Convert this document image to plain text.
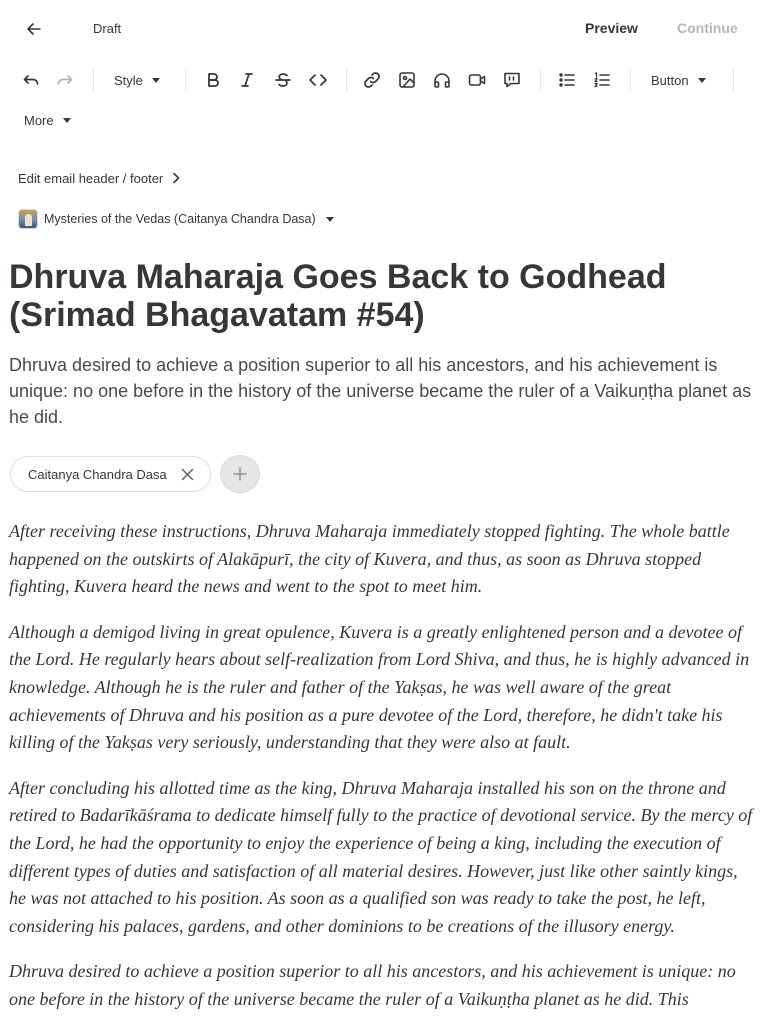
Draft	Preview	Continue
Style	Button
More
Edit email header / footer
Mysteries of the Vedas (Caitanya Chandra Dasa)
Dhruva Maharaja Goes Back to Godhead (Srimad Bhagavatam #54)

Dhruva desired to achieve a position superior to all his ancestors, and his achievement is unique: no one before in the history of the universe became the ruler of a Vaikuṇṭha planet as he did.

Caitanya Chandra Dasa

After receiving these instructions, Dhruva Maharaja immediately stopped fighting. The whole battle happened on the outskirts of Alakāpurī, the city of Kuvera, and thus, as soon as Dhruva stopped fighting, Kuvera heard the news and went to the spot to meet him.

Although a demigod living in great opulence, Kuvera is a greatly enlightened person and a devotee of the Lord. He regularly hears about self-realization from Lord Shiva, and thus, he is highly advanced in knowledge. Although he is the ruler and father of the Yakṣas, he was well aware of the great achievements of Dhruva and his position as a pure devotee of the Lord, therefore, he didn't take his killing of the Yakṣas very seriously, understanding that they were also at fault.

After concluding his allotted time as the king, Dhruva Maharaja installed his son on the throne and retired to Badarīkāśrama to dedicate himself fully to the practice of devotional service. By the mercy of the Lord, he had the opportunity to enjoy the experience of being a king, including the execution of different types of duties and satisfaction of all material desires. However, just like other saintly kings, he was not attached to his position. As soon as a qualified son was ready to take the post, he left, considering his palaces, gardens, and other dominions to be creations of the illusory energy.

Dhruva desired to achieve a position superior to all his ancestors, and his achievement is unique: no one before in the history of the universe became the ruler of a Vaikuṇṭha planet as he did. This
